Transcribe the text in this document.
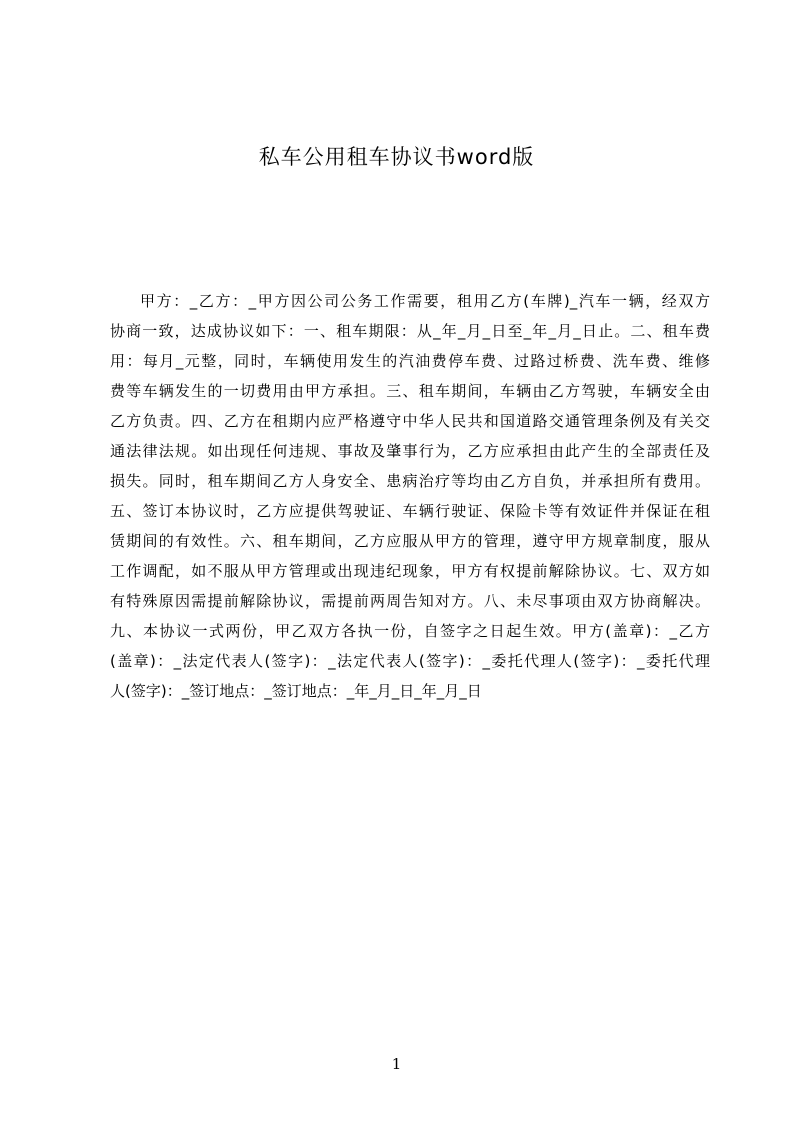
私车公用租车协议书word版
甲方：_乙方：_甲方因公司公务工作需要，租用乙方(车牌)_汽车一辆，经双方
协商一致，达成协议如下：一、租车期限：从_年_月_日至_年_月_日止。二、租车费
用：每月_元整，同时，车辆使用发生的汽油费停车费、过路过桥费、洗车费、维修
费等车辆发生的一切费用由甲方承担。三、租车期间，车辆由乙方驾驶，车辆安全由
乙方负责。四、乙方在租期内应严格遵守中华人民共和国道路交通管理条例及有关交
通法律法规。如出现任何违规、事故及肇事行为，乙方应承担由此产生的全部责任及
损失。同时，租车期间乙方人身安全、患病治疗等均由乙方自负，并承担所有费用。
五、签订本协议时，乙方应提供驾驶证、车辆行驶证、保险卡等有效证件并保证在租
赁期间的有效性。六、租车期间，乙方应服从甲方的管理，遵守甲方规章制度，服从
工作调配，如不服从甲方管理或出现违纪现象，甲方有权提前解除协议。七、双方如
有特殊原因需提前解除协议，需提前两周告知对方。八、未尽事项由双方协商解决。
九、本协议一式两份，甲乙双方各执一份，自签字之日起生效。甲方(盖章)：_乙方
(盖章)：_法定代表人(签字)：_法定代表人(签字)：_委托代理人(签字)：_委托代理
人(签字)：_签订地点：_签订地点：_年_月_日_年_月_日
1
